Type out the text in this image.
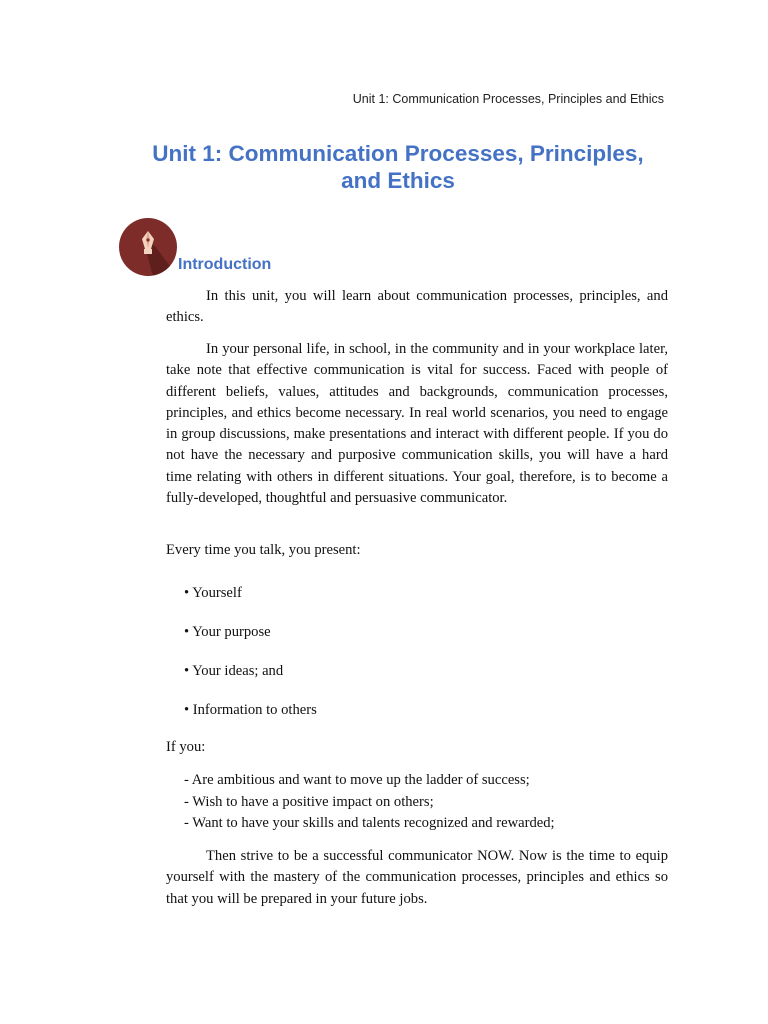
Unit 1: Communication Processes, Principles and Ethics
Unit 1: Communication Processes, Principles,
and Ethics
Introduction
In this unit, you will learn about communication processes, principles, and ethics.
In your personal life, in school, in the community and in your workplace later, take note that effective communication is vital for success. Faced with people of different beliefs, values, attitudes and backgrounds, communication processes, principles, and ethics become necessary. In real world scenarios, you need to engage in group discussions, make presentations and interact with different people. If you do not have the necessary and purposive communication skills, you will have a hard time relating with others in different situations. Your goal, therefore, is to become a fully-developed, thoughtful and persuasive communicator.
Every time you talk, you present:
• Yourself
• Your purpose
• Your ideas; and
• Information to others
If you:
- Are ambitious and want to move up the ladder of success;
- Wish to have a positive impact on others;
- Want to have your skills and talents recognized and rewarded;
Then strive to be a successful communicator NOW. Now is the time to equip yourself with the mastery of the communication processes, principles and ethics so that you will be prepared in your future jobs.
